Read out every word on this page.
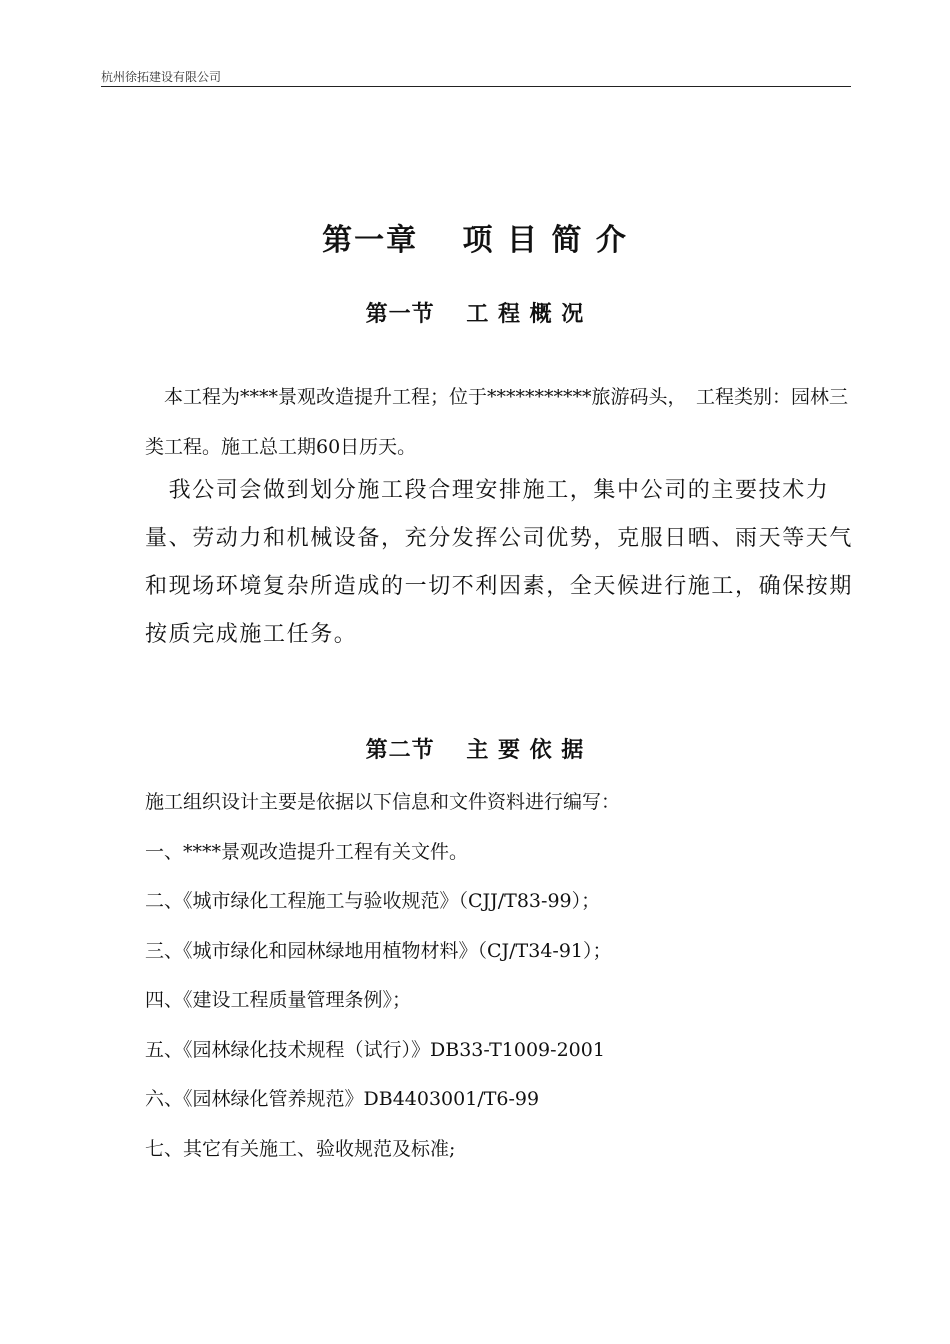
杭州徐拓建设有限公司
第一章　 项 目 简 介
第一节　 工 程 概 况
　本工程为****景观改造提升工程；位于***********旅游码头，　工程类别：园林三类工程。施工总工期60日历天。
　我公司会做到划分施工段合理安排施工，集中公司的主要技术力量、劳动力和机械设备，充分发挥公司优势，克服日晒、雨天等天气和现场环境复杂所造成的一切不利因素，全天候进行施工，确保按期按质完成施工任务。
第二节　 主 要 依 据
施工组织设计主要是依据以下信息和文件资料进行编写：
一、****景观改造提升工程有关文件。
二、《城市绿化工程施工与验收规范》（CJJ/T83-99）；
三、《城市绿化和园林绿地用植物材料》（CJ/T34-91）；
四、《建设工程质量管理条例》；
五、《园林绿化技术规程（试行）》DB33-T1009-2001
六、《园林绿化管养规范》DB4403001/T6-99
七、其它有关施工、验收规范及标准;
